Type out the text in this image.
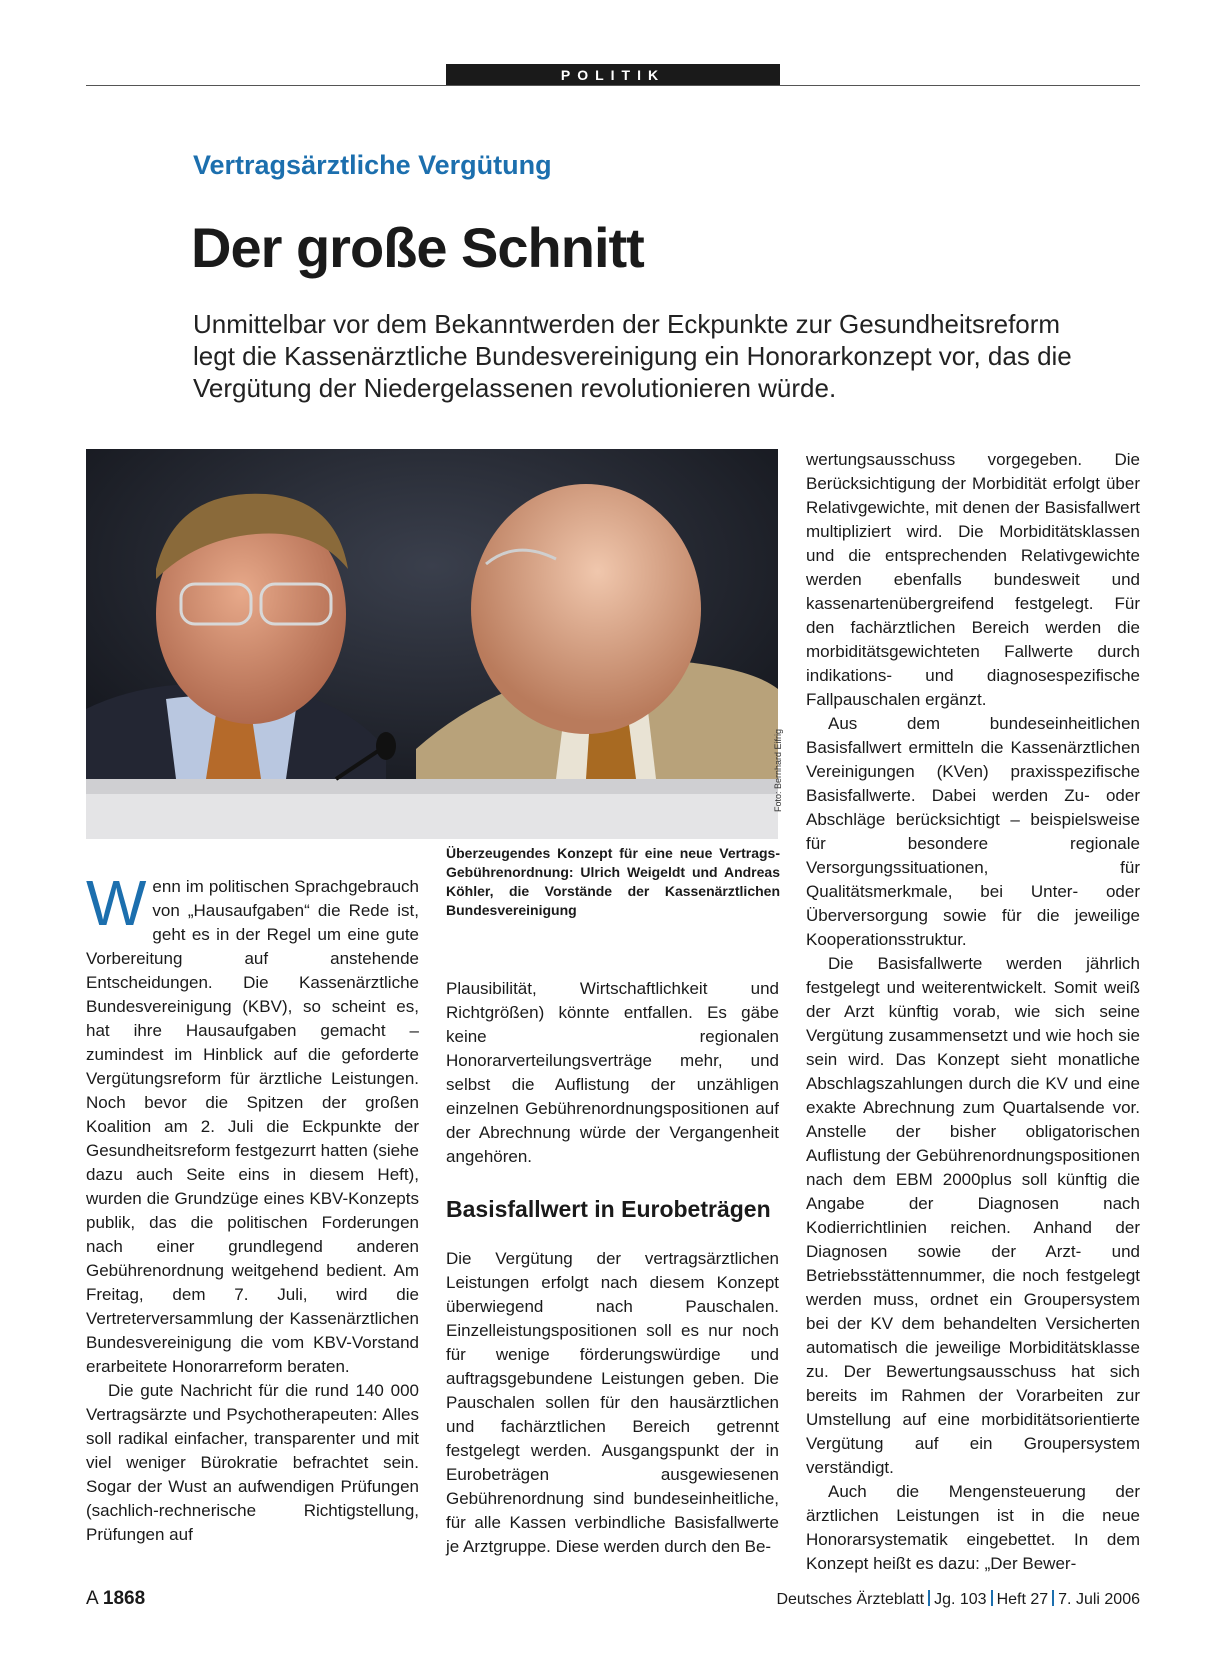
POLITIK
Vertragsärztliche Vergütung
Der große Schnitt
Unmittelbar vor dem Bekanntwerden der Eckpunkte zur Gesundheitsreform legt die Kassenärztliche Bundesvereinigung ein Honorarkonzept vor, das die Vergütung der Niedergelassenen revolutionieren würde.
Foto: Bernhard Eifrig
Überzeugendes Konzept für eine neue Vertrags-Gebührenordnung: Ulrich Weigeldt und Andreas Köhler, die Vorstände der Kassenärztlichen Bundesvereinigung

Wenn im politischen Sprachgebrauch von „Hausaufgaben“ die Rede ist, geht es in der Regel um eine gute Vorbereitung auf anstehende Entscheidungen. Die Kassenärztliche Bundesvereinigung (KBV), so scheint es, hat ihre Hausaufgaben gemacht – zumindest im Hinblick auf die geforderte Vergütungsreform für ärztliche Leistungen. Noch bevor die Spitzen der großen Koalition am 2. Juli die Eckpunkte der Gesundheitsreform festgezurrt hatten (siehe dazu auch Seite eins in diesem Heft), wurden die Grundzüge eines KBV-Konzepts publik, das die politischen Forderungen nach einer grundlegend anderen Gebührenordnung weitgehend bedient. Am Freitag, dem 7. Juli, wird die Vertreterversammlung der Kassenärztlichen Bundesvereinigung die vom KBV-Vorstand erarbeitete Honorarreform beraten.

Die gute Nachricht für die rund 140 000 Vertragsärzte und Psychotherapeuten: Alles soll radikal einfacher, transparenter und mit viel weniger Bürokratie befrachtet sein. Sogar der Wust an aufwendigen Prüfungen (sachlich-rechnerische Richtigstellung, Prüfungen auf

Plausibilität, Wirtschaftlichkeit und Richtgrößen) könnte entfallen. Es gäbe keine regionalen Honorarverteilungsverträge mehr, und selbst die Auflistung der unzähligen einzelnen Gebührenordnungspositionen auf der Abrechnung würde der Vergangenheit angehören.

Basisfallwert in Eurobeträgen

Die Vergütung der vertragsärztlichen Leistungen erfolgt nach diesem Konzept überwiegend nach Pauschalen. Einzelleistungspositionen soll es nur noch für wenige förderungswürdige und auftragsgebundene Leistungen geben. Die Pauschalen sollen für den hausärztlichen und fachärztlichen Bereich getrennt festgelegt werden. Ausgangspunkt der in Eurobeträgen ausgewiesenen Gebührenordnung sind bundeseinheitliche, für alle Kassen verbindliche Basisfallwerte je Arztgruppe. Diese werden durch den Be-

wertungsausschuss vorgegeben. Die Berücksichtigung der Morbidität erfolgt über Relativgewichte, mit denen der Basisfallwert multipliziert wird. Die Morbiditätsklassen und die entsprechenden Relativgewichte werden ebenfalls bundesweit und kassenartenübergreifend festgelegt. Für den fachärztlichen Bereich werden die morbiditätsgewichteten Fallwerte durch indikations- und diagnosespezifische Fallpauschalen ergänzt.

Aus dem bundeseinheitlichen Basisfallwert ermitteln die Kassenärztlichen Vereinigungen (KVen) praxisspezifische Basisfallwerte. Dabei werden Zu- oder Abschläge berücksichtigt – beispielsweise für besondere regionale Versorgungssituationen, für Qualitätsmerkmale, bei Unter- oder Überversorgung sowie für die jeweilige Kooperationsstruktur.

Die Basisfallwerte werden jährlich festgelegt und weiterentwickelt. Somit weiß der Arzt künftig vorab, wie sich seine Vergütung zusammensetzt und wie hoch sie sein wird. Das Konzept sieht monatliche Abschlagszahlungen durch die KV und eine exakte Abrechnung zum Quartalsende vor. Anstelle der bisher obligatorischen Auflistung der Gebührenordnungspositionen nach dem EBM 2000plus soll künftig die Angabe der Diagnosen nach Kodierrichtlinien reichen. Anhand der Diagnosen sowie der Arzt- und Betriebsstättennummer, die noch festgelegt werden muss, ordnet ein Groupersystem bei der KV dem behandelten Versicherten automatisch die jeweilige Morbiditätsklasse zu. Der Bewertungsausschuss hat sich bereits im Rahmen der Vorarbeiten zur Umstellung auf eine morbiditätsorientierte Vergütung auf ein Groupersystem verständigt.

Auch die Mengensteuerung der ärztlichen Leistungen ist in die neue Honorarsystematik eingebettet. In dem Konzept heißt es dazu: „Der Bewer-

A 1868	Deutsches Ärzteblatt Jg. 103 Heft 27 7. Juli 2006
